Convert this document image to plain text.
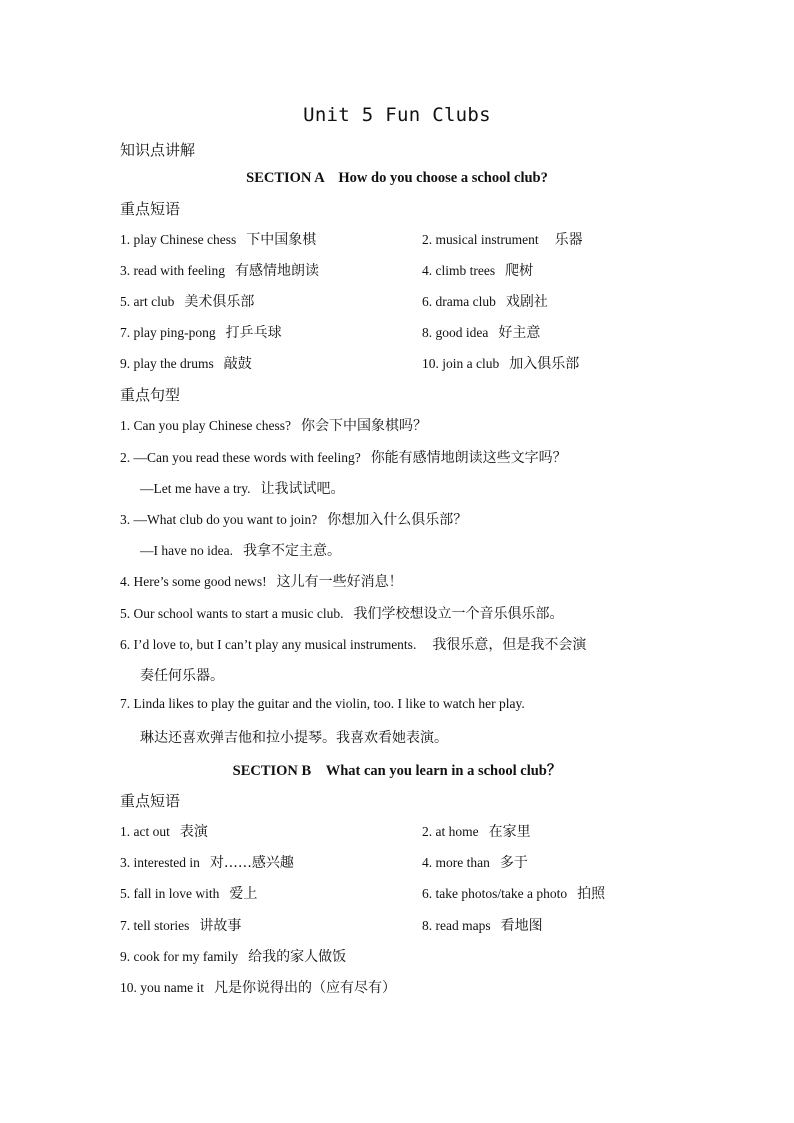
Unit 5 Fun Clubs
知识点讲解
SECTION A　How do you choose a school club?
重点短语
1. play Chinese chess 下中国象棋	2. musical instrument 乐器
3. read with feeling 有感情地朗读	4. climb trees 爬树
5. art club 美术俱乐部	6. drama club 戏剧社
7. play ping-pong 打乒乓球	8. good idea 好主意
9. play the drums 敲鼓	10. join a club 加入俱乐部
重点句型
1. Can you play Chinese chess? 你会下中国象棋吗？
2. —Can you read these words with feeling? 你能有感情地朗读这些文字吗？
—Let me have a try. 让我试试吧。
3. —What club do you want to join? 你想加入什么俱乐部？
—I have no idea. 我拿不定主意。
4. Here’s some good news! 这儿有一些好消息！
5. Our school wants to start a music club. 我们学校想设立一个音乐俱乐部。
6. I’d love to, but I can’t play any musical instruments. 我很乐意，但是我不会演
奏任何乐器。
7. Linda likes to play the guitar and the violin, too. I like to watch her play.
琳达还喜欢弹吉他和拉小提琴。我喜欢看她表演。
SECTION B　What can you learn in a school club？
重点短语
1. act out 表演	2. at home 在家里
3. interested in 对……感兴趣	4. more than 多于
5. fall in love with 爱上	6. take photos/take a photo 拍照
7. tell stories 讲故事	8. read maps 看地图
9. cook for my family 给我的家人做饭
10. you name it 凡是你说得出的（应有尽有）
